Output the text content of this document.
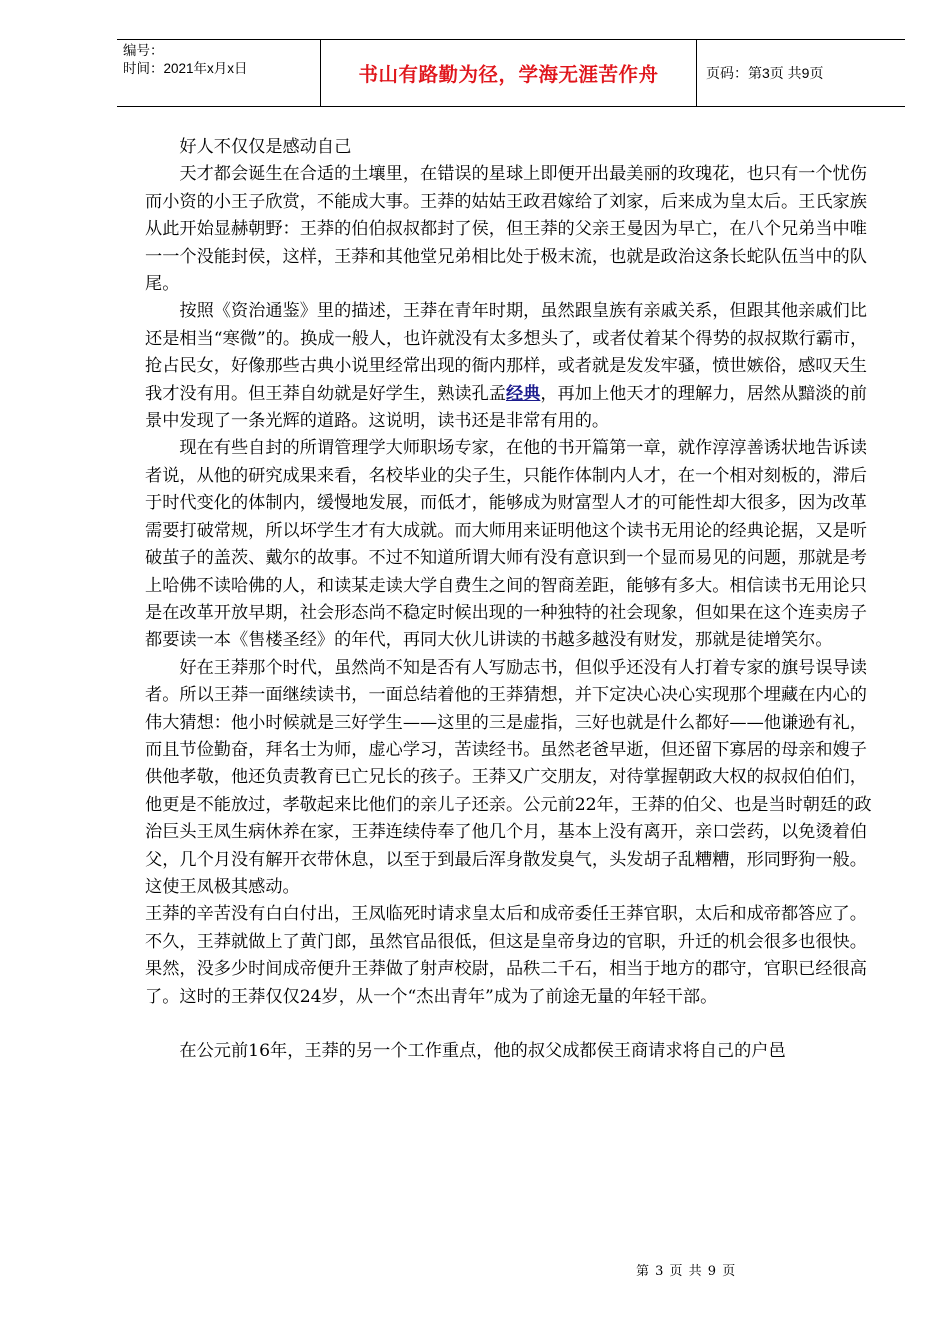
编号：
时间：2021年x月x日	书山有路勤为径，学海无涯苦作舟	页码：第3页 共9页

好人不仅仅是感动自己

天才都会诞生在合适的土壤里，在错误的星球上即便开出最美丽的玫瑰花，也只有一个忧伤而小资的小王子欣赏，不能成大事。王莽的姑姑王政君嫁给了刘家，后来成为皇太后。王氏家族从此开始显赫朝野：王莽的伯伯叔叔都封了侯，但王莽的父亲王曼因为早亡，在八个兄弟当中唯一一个没能封侯，这样，王莽和其他堂兄弟相比处于极末流，也就是政治这条长蛇队伍当中的队尾。

按照《资治通鉴》里的描述，王莽在青年时期，虽然跟皇族有亲戚关系，但跟其他亲戚们比还是相当“寒微”的。换成一般人，也许就没有太多想头了，或者仗着某个得势的叔叔欺行霸市，抢占民女，好像那些古典小说里经常出现的衙内那样，或者就是发发牢骚，愤世嫉俗，感叹天生我才没有用。但王莽自幼就是好学生，熟读孔孟经典，再加上他天才的理解力，居然从黯淡的前景中发现了一条光辉的道路。这说明，读书还是非常有用的。

现在有些自封的所谓管理学大师职场专家，在他的书开篇第一章，就作淳淳善诱状地告诉读者说，从他的研究成果来看，名校毕业的尖子生，只能作体制内人才，在一个相对刻板的，滞后于时代变化的体制内，缓慢地发展，而低才，能够成为财富型人才的可能性却大很多，因为改革需要打破常规，所以坏学生才有大成就。而大师用来证明他这个读书无用论的经典论据，又是听破茧子的盖茨、戴尔的故事。不过不知道所谓大师有没有意识到一个显而易见的问题，那就是考上哈佛不读哈佛的人，和读某走读大学自费生之间的智商差距，能够有多大。相信读书无用论只是在改革开放早期，社会形态尚不稳定时候出现的一种独特的社会现象，但如果在这个连卖房子都要读一本《售楼圣经》的年代，再同大伙儿讲读的书越多越没有财发，那就是徒增笑尔。

好在王莽那个时代，虽然尚不知是否有人写励志书，但似乎还没有人打着专家的旗号误导读者。所以王莽一面继续读书，一面总结着他的王莽猜想，并下定决心决心实现那个埋藏在内心的伟大猜想：他小时候就是三好学生——这里的三是虚指，三好也就是什么都好——他谦逊有礼，而且节俭勤奋，拜名士为师，虚心学习，苦读经书。虽然老爸早逝，但还留下寡居的母亲和嫂子供他孝敬，他还负责教育已亡兄长的孩子。王莽又广交朋友，对待掌握朝政大权的叔叔伯伯们，他更是不能放过，孝敬起来比他们的亲儿子还亲。公元前22年，王莽的伯父、也是当时朝廷的政治巨头王凤生病休养在家，王莽连续侍奉了他几个月，基本上没有离开，亲口尝药，以免烫着伯父，几个月没有解开衣带休息，以至于到最后浑身散发臭气，头发胡子乱糟糟，形同野狗一般。这使王凤极其感动。

王莽的辛苦没有白白付出，王凤临死时请求皇太后和成帝委任王莽官职，太后和成帝都答应了。不久，王莽就做上了黄门郎，虽然官品很低，但这是皇帝身边的官职，升迁的机会很多也很快。果然，没多少时间成帝便升王莽做了射声校尉，品秩二千石，相当于地方的郡守，官职已经很高了。这时的王莽仅仅24岁，从一个“杰出青年”成为了前途无量的年轻干部。

在公元前16年，王莽的另一个工作重点，他的叔父成都侯王商请求将自己的户邑

第 3 页 共 9 页
